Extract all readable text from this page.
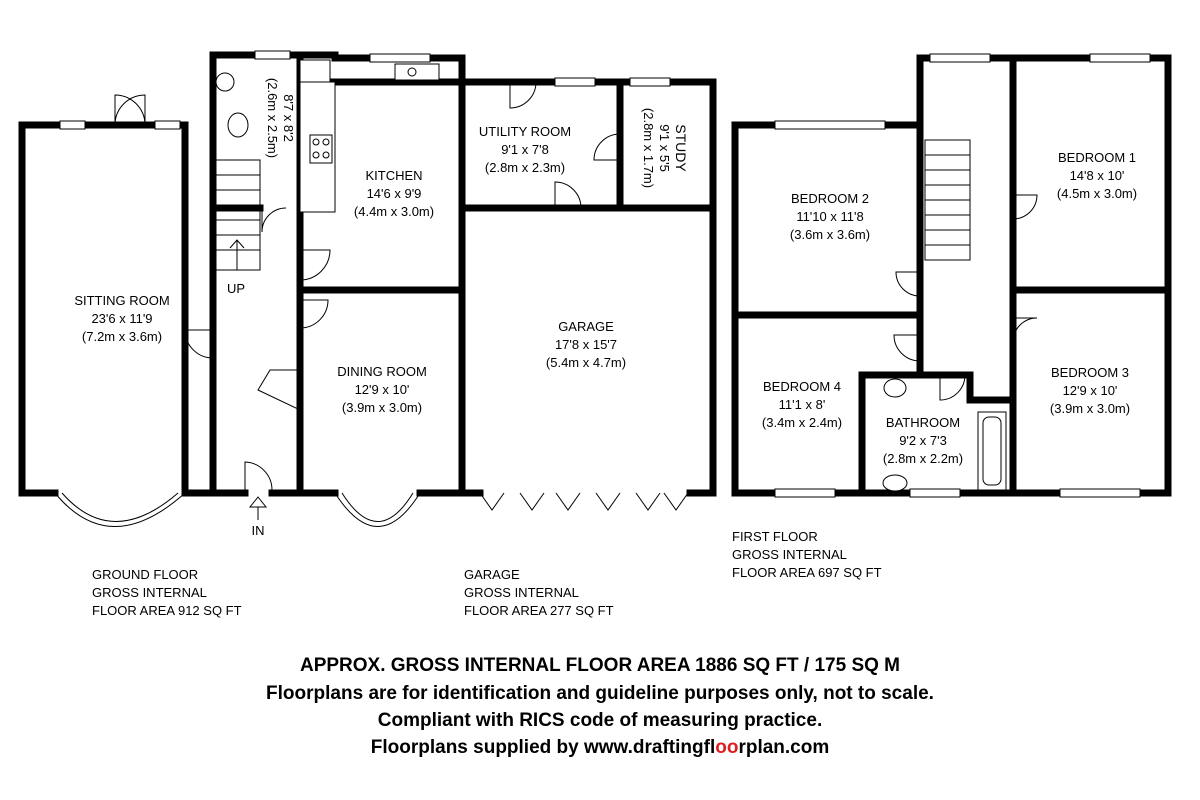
SITTING ROOM
23'6 x 11'9
(7.2m x 3.6m)
KITCHEN
14'6 x 9'9
(4.4m x 3.0m)
UTILITY ROOM
9'1 x 7'8
(2.8m x 2.3m)	STUDY
9'1 x 5'5
(2.8m x 1.7m)
8'7 x 8'2
(2.6m x 2.5m)
UP
IN
DINING ROOM
12'9 x 10'
(3.9m x 3.0m)
GARAGE
17'8 x 15'7
(5.4m x 4.7m)
BEDROOM 1
14'8 x 10'
(4.5m x 3.0m)
BEDROOM 2
11'10 x 11'8
(3.6m x 3.6m)
BEDROOM 3
12'9 x 10'
(3.9m x 3.0m)
BEDROOM 4
11'1 x 8'
(3.4m x 2.4m)	BATHROOM
9'2 x 7'3
(2.8m x 2.2m)
GROUND FLOOR
GROSS INTERNAL
FLOOR AREA 912 SQ FT
GARAGE
GROSS INTERNAL
FLOOR AREA 277 SQ FT
FIRST FLOOR
GROSS INTERNAL
FLOOR AREA 697 SQ FT
APPROX. GROSS INTERNAL FLOOR AREA 1886 SQ FT / 175 SQ M
Floorplans are for identification and guideline purposes only, not to scale.
Compliant with RICS code of measuring practice.
Floorplans supplied by www.draftingfloorplan.com
